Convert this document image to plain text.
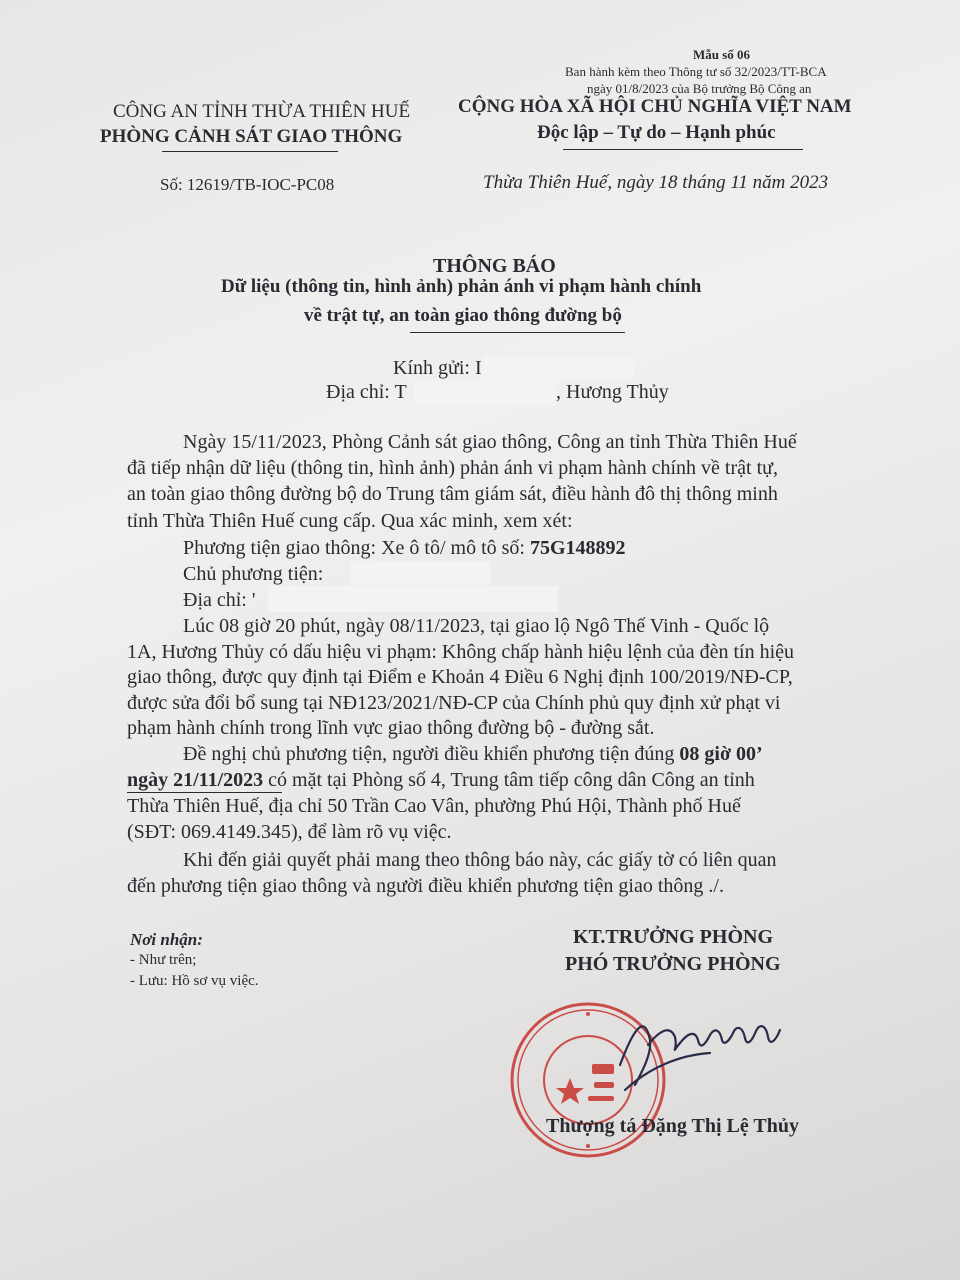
Mẫu số 06
Ban hành kèm theo Thông tư số 32/2023/TT-BCA
ngày 01/8/2023 của Bộ trưởng Bộ Công an
CÔNG AN TỈNH THỪA THIÊN HUẾ
PHÒNG CẢNH SÁT GIAO THÔNG
Số: 12619/TB-IOC-PC08
CỘNG HÒA XÃ HỘI CHỦ NGHĨA VIỆT NAM
Độc lập – Tự do – Hạnh phúc
Thừa Thiên Huế, ngày 18 tháng 11 năm 2023
THÔNG BÁO
Dữ liệu (thông tin, hình ảnh) phản ánh vi phạm hành chính
về trật tự, an toàn giao thông đường bộ
Kính gửi: I
Địa chỉ: T	, Hương Thủy
Ngày 15/11/2023, Phòng Cảnh sát giao thông, Công an tỉnh Thừa Thiên Huế
đã tiếp nhận dữ liệu (thông tin, hình ảnh) phản ánh vi phạm hành chính về trật tự,
an toàn giao thông đường bộ do Trung tâm giám sát, điều hành đô thị thông minh
tỉnh Thừa Thiên Huế cung cấp. Qua xác minh, xem xét:
Phương tiện giao thông: Xe ô tô/ mô tô số: 75G148892
Chủ phương tiện:
Địa chỉ: '
Lúc 08 giờ 20 phút, ngày 08/11/2023, tại giao lộ Ngô Thế Vinh - Quốc lộ
1A, Hương Thủy có dấu hiệu vi phạm: Không chấp hành hiệu lệnh của đèn tín hiệu
giao thông, được quy định tại Điểm e Khoản 4 Điều 6 Nghị định 100/2019/NĐ-CP,
được sửa đổi bổ sung tại NĐ123/2021/NĐ-CP của Chính phủ quy định xử phạt vi
phạm hành chính trong lĩnh vực giao thông đường bộ - đường sắt.
Đề nghị chủ phương tiện, người điều khiển phương tiện đúng 08 giờ 00’
ngày 21/11/2023 có mặt tại Phòng số 4, Trung tâm tiếp công dân Công an tỉnh
Thừa Thiên Huế, địa chỉ 50 Trần Cao Vân, phường Phú Hội, Thành phố Huế
(SĐT: 069.4149.345), để làm rõ vụ việc.
Khi đến giải quyết phải mang theo thông báo này, các giấy tờ có liên quan
đến phương tiện giao thông và người điều khiển phương tiện giao thông ./.
Nơi nhận:
- Như trên;
- Lưu: Hồ sơ vụ việc.
KT.TRƯỞNG PHÒNG
PHÓ TRƯỞNG PHÒNG
Thượng tá Đặng Thị Lệ Thủy
